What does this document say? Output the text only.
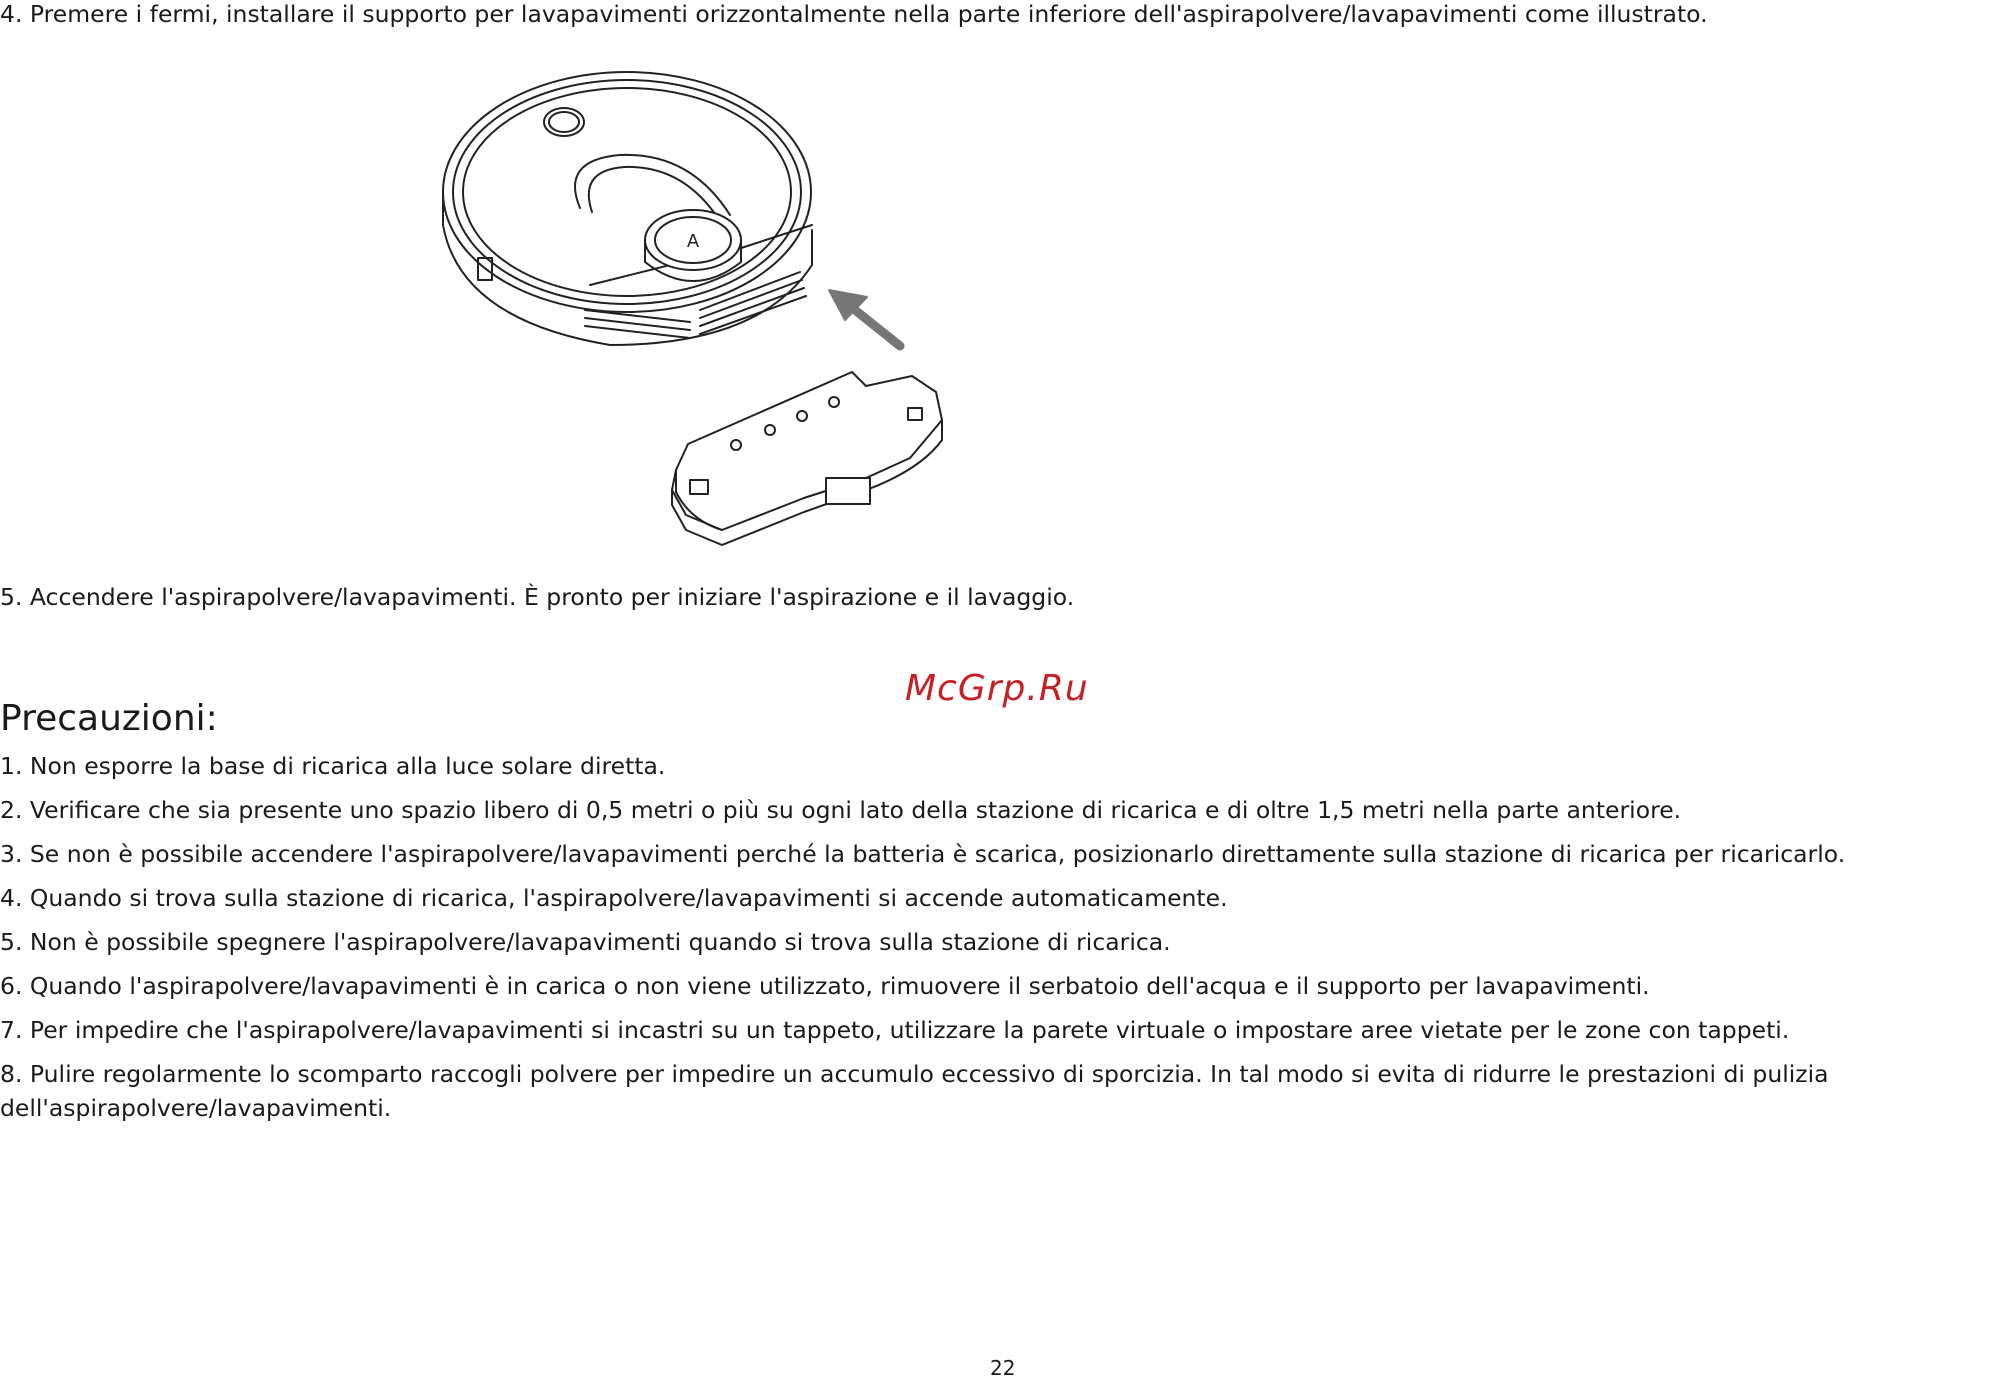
4. Premere i fermi, installare il supporto per lavapavimenti orizzontalmente nella parte inferiore dell'aspirapolvere/lavapavimenti come illustrato.

A

5. Accendere l'aspirapolvere/lavapavimenti. È pronto per iniziare l'aspirazione e il lavaggio.

McGrp.Ru
Precauzioni:
1. Non esporre la base di ricarica alla luce solare diretta.
2. Verificare che sia presente uno spazio libero di 0,5 metri o più su ogni lato della stazione di ricarica e di oltre 1,5 metri nella parte anteriore.
3. Se non è possibile accendere l'aspirapolvere/lavapavimenti perché la batteria è scarica, posizionarlo direttamente sulla stazione di ricarica per ricaricarlo.
4. Quando si trova sulla stazione di ricarica, l'aspirapolvere/lavapavimenti si accende automaticamente.
5. Non è possibile spegnere l'aspirapolvere/lavapavimenti quando si trova sulla stazione di ricarica.
6. Quando l'aspirapolvere/lavapavimenti è in carica o non viene utilizzato, rimuovere il serbatoio dell'acqua e il supporto per lavapavimenti.
7. Per impedire che l'aspirapolvere/lavapavimenti si incastri su un tappeto, utilizzare la parete virtuale o impostare aree vietate per le zone con tappeti.
8. Pulire regolarmente lo scomparto raccogli polvere per impedire un accumulo eccessivo di sporcizia. In tal modo si evita di ridurre le prestazioni di pulizia dell'aspirapolvere/lavapavimenti.
22
